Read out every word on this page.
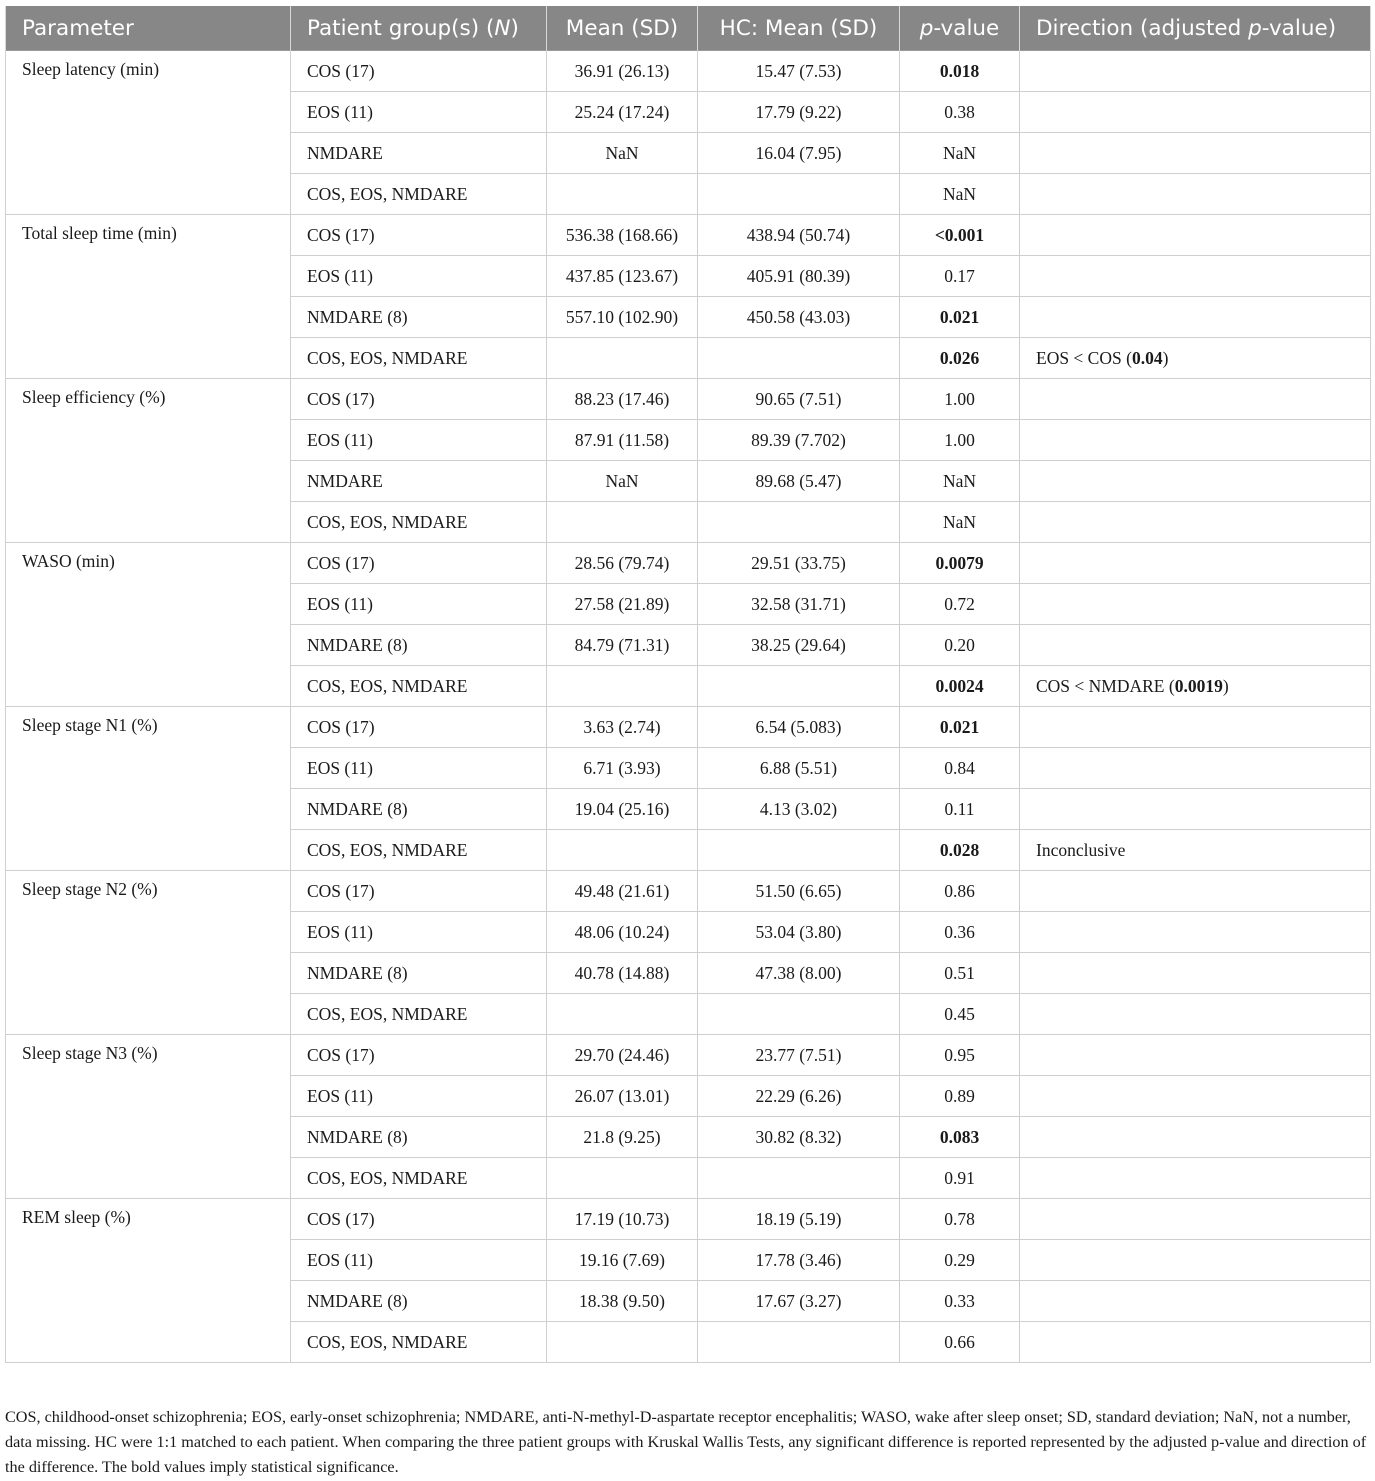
Parameter	Patient group(s) (N)	Mean (SD)	HC: Mean (SD)	p-value	Direction (adjusted p-value)
Sleep latency (min)	COS (17)	36.91 (26.13)	15.47 (7.53)	0.018	
	EOS (11)	25.24 (17.24)	17.79 (9.22)	0.38	
	NMDARE	NaN	16.04 (7.95)	NaN	
	COS, EOS, NMDARE			NaN	
Total sleep time (min)	COS (17)	536.38 (168.66)	438.94 (50.74)	<0.001	
	EOS (11)	437.85 (123.67)	405.91 (80.39)	0.17	
	NMDARE (8)	557.10 (102.90)	450.58 (43.03)	0.021	
	COS, EOS, NMDARE			0.026	EOS < COS (0.04)
Sleep efficiency (%)	COS (17)	88.23 (17.46)	90.65 (7.51)	1.00	
	EOS (11)	87.91 (11.58)	89.39 (7.702)	1.00	
	NMDARE	NaN	89.68 (5.47)	NaN	
	COS, EOS, NMDARE			NaN	
WASO (min)	COS (17)	28.56 (79.74)	29.51 (33.75)	0.0079	
	EOS (11)	27.58 (21.89)	32.58 (31.71)	0.72	
	NMDARE (8)	84.79 (71.31)	38.25 (29.64)	0.20	
	COS, EOS, NMDARE			0.0024	COS < NMDARE (0.0019)
Sleep stage N1 (%)	COS (17)	3.63 (2.74)	6.54 (5.083)	0.021	
	EOS (11)	6.71 (3.93)	6.88 (5.51)	0.84	
	NMDARE (8)	19.04 (25.16)	4.13 (3.02)	0.11	
	COS, EOS, NMDARE			0.028	Inconclusive
Sleep stage N2 (%)	COS (17)	49.48 (21.61)	51.50 (6.65)	0.86	
	EOS (11)	48.06 (10.24)	53.04 (3.80)	0.36	
	NMDARE (8)	40.78 (14.88)	47.38 (8.00)	0.51	
	COS, EOS, NMDARE			0.45	
Sleep stage N3 (%)	COS (17)	29.70 (24.46)	23.77 (7.51)	0.95	
	EOS (11)	26.07 (13.01)	22.29 (6.26)	0.89	
	NMDARE (8)	21.8 (9.25)	30.82 (8.32)	0.083	
	COS, EOS, NMDARE			0.91	
REM sleep (%)	COS (17)	17.19 (10.73)	18.19 (5.19)	0.78	
	EOS (11)	19.16 (7.69)	17.78 (3.46)	0.29	
	NMDARE (8)	18.38 (9.50)	17.67 (3.27)	0.33	
	COS, EOS, NMDARE			0.66	
COS, childhood-onset schizophrenia; EOS, early-onset schizophrenia; NMDARE, anti-N-methyl-D-aspartate receptor encephalitis; WASO, wake after sleep onset; SD, standard deviation; NaN, not a number, data missing. HC were 1:1 matched to each patient. When comparing the three patient groups with Kruskal Wallis Tests, any significant difference is reported represented by the adjusted p-value and direction of the difference. The bold values imply statistical significance.
